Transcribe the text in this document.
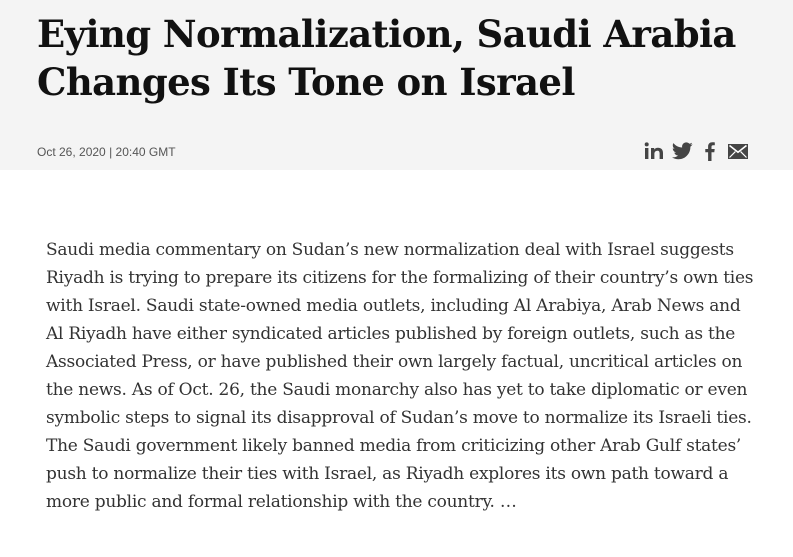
Eying Normalization, Saudi Arabia Changes Its Tone on Israel
Oct 26, 2020 | 20:40 GMT

Saudi media commentary on Sudan’s new normalization deal with Israel suggests Riyadh is trying to prepare its citizens for the formalizing of their country’s own ties with Israel. Saudi state-owned media outlets, including Al Arabiya, Arab News and Al Riyadh have either syndicated articles published by foreign outlets, such as the Associated Press, or have published their own largely factual, uncritical articles on the news. As of Oct. 26, the Saudi monarchy also has yet to take diplomatic or even symbolic steps to signal its disapproval of Sudan’s move to normalize its Israeli ties. The Saudi government likely banned media from criticizing other Arab Gulf states’ push to normalize their ties with Israel, as Riyadh explores its own path toward a more public and formal relationship with the country. …
